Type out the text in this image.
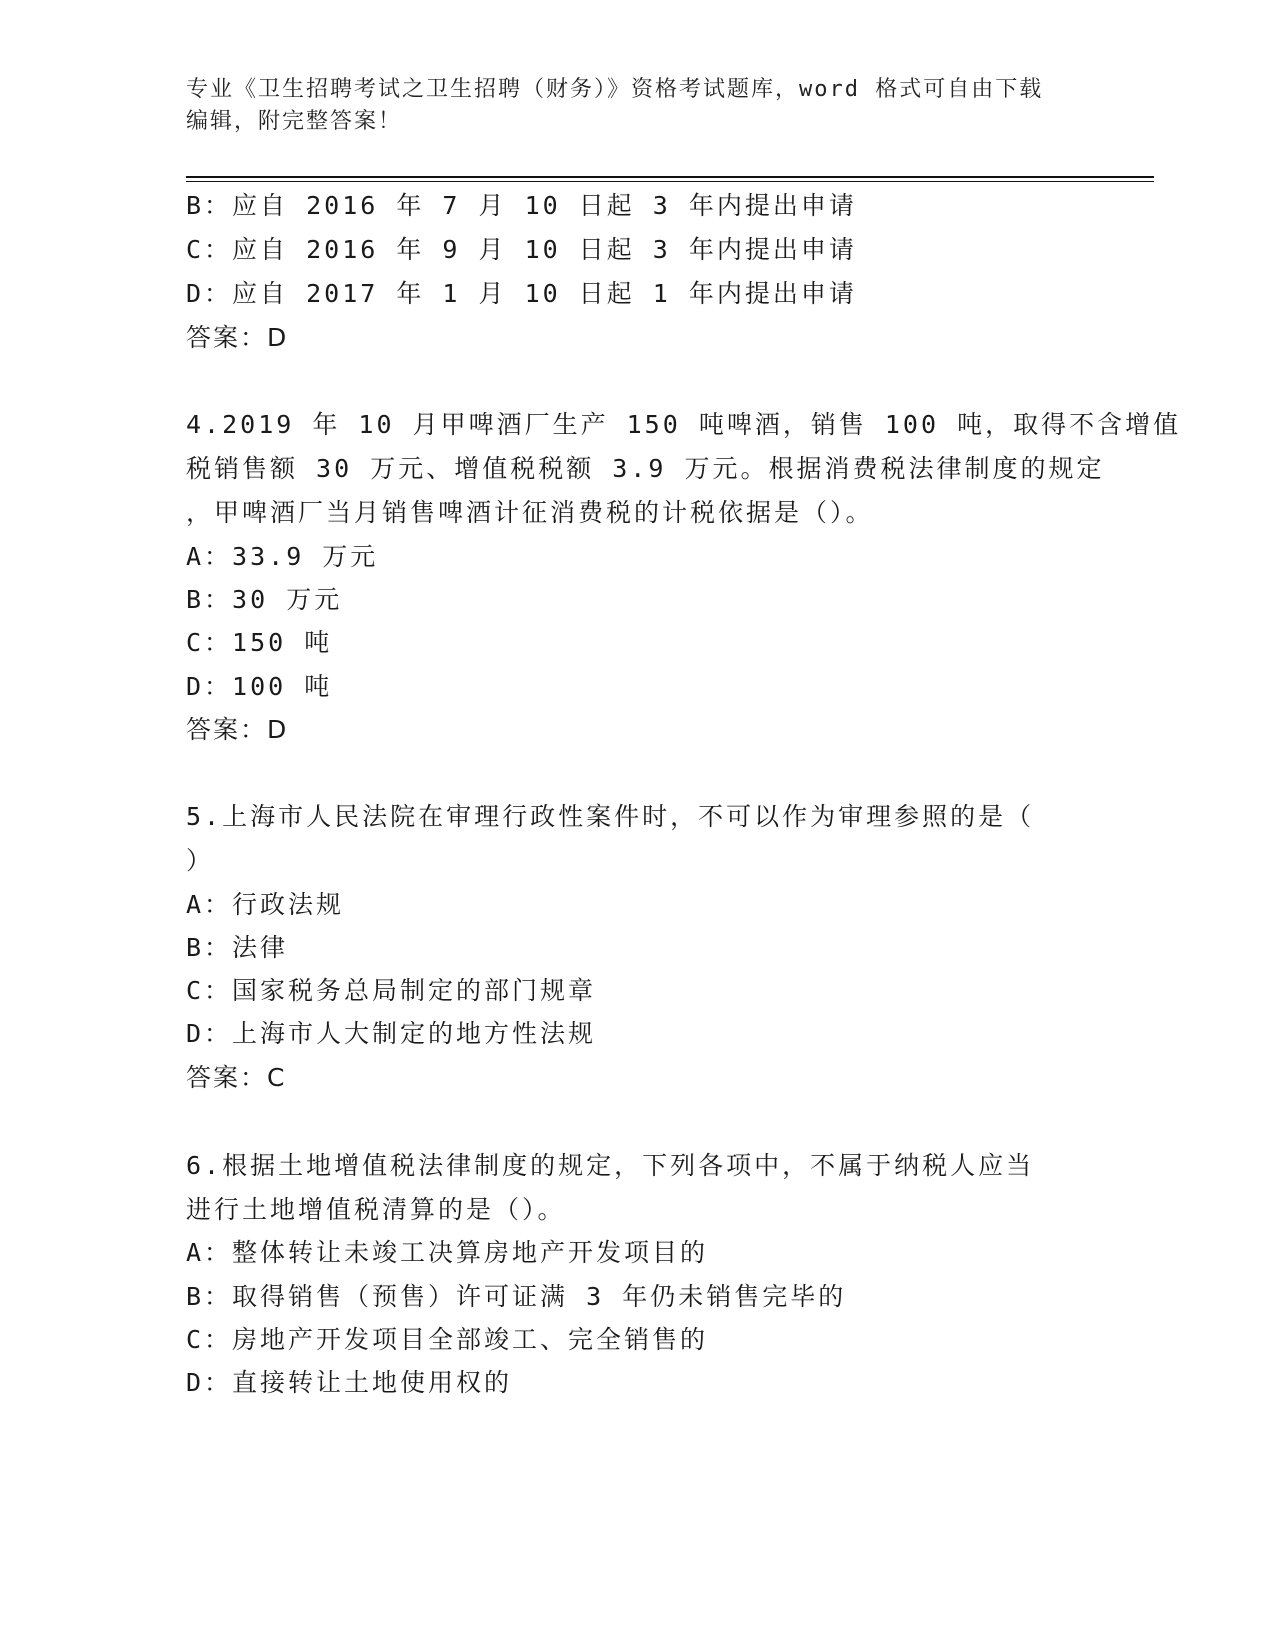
专业《卫生招聘考试之卫生招聘（财务）》资格考试题库，word 格式可自由下载
编辑，附完整答案！
B：应自 2016 年 7 月 10 日起 3 年内提出申请
C：应自 2016 年 9 月 10 日起 3 年内提出申请
D：应自 2017 年 1 月 10 日起 1 年内提出申请
答案：D
4.2019 年 10 月甲啤酒厂生产 150 吨啤酒，销售 100 吨，取得不含增值
税销售额 30 万元、增值税税额 3.9 万元。根据消费税法律制度的规定
，甲啤酒厂当月销售啤酒计征消费税的计税依据是（）。
A：33.9 万元
B：30 万元
C：150 吨
D：100 吨
答案：D
5.上海市人民法院在审理行政性案件时，不可以作为审理参照的是（
）
A：行政法规
B：法律
C：国家税务总局制定的部门规章
D：上海市人大制定的地方性法规
答案：C
6.根据土地增值税法律制度的规定，下列各项中，不属于纳税人应当
进行土地增值税清算的是（）。
A：整体转让未竣工决算房地产开发项目的
B：取得销售（预售）许可证满 3 年仍未销售完毕的
C：房地产开发项目全部竣工、完全销售的
D：直接转让土地使用权的
